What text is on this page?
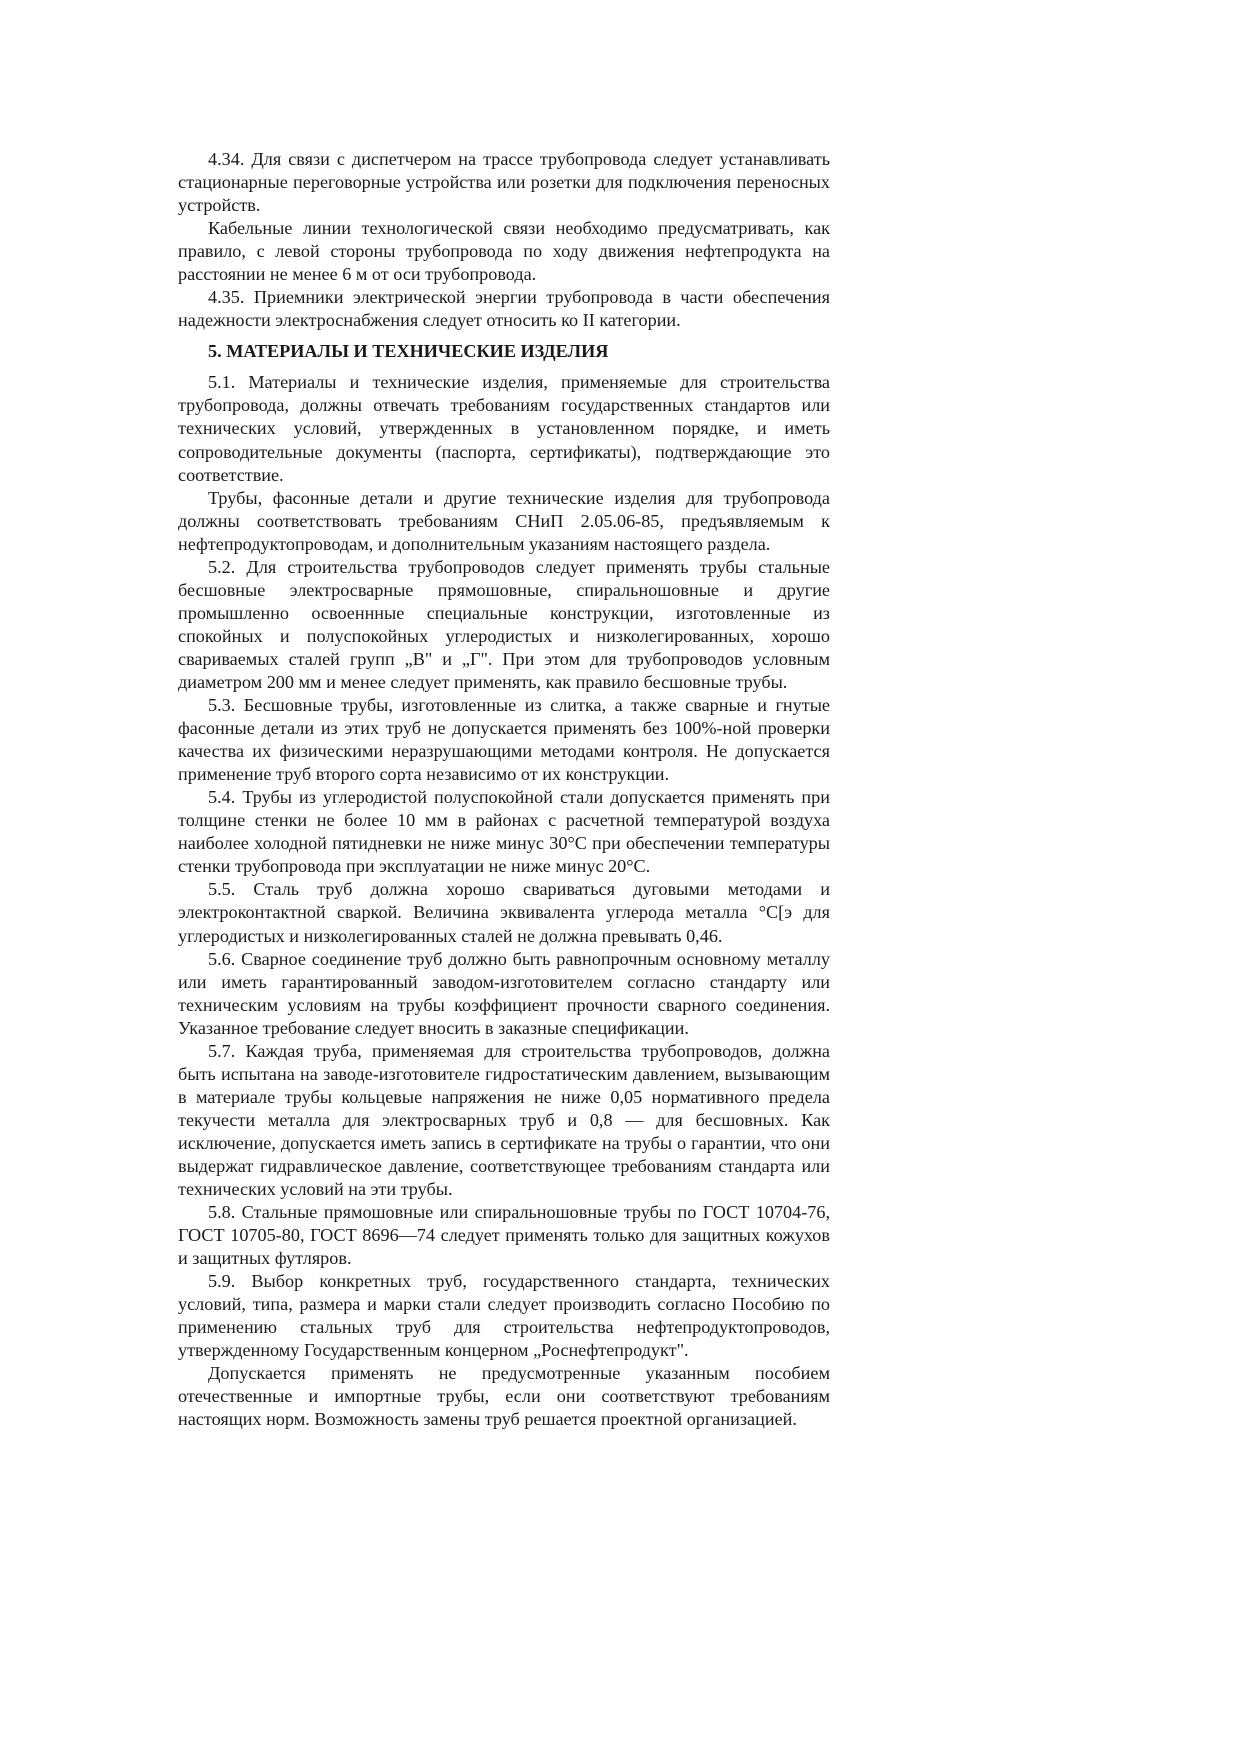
4.34. Для связи с диспетчером на трассе трубопровода следует устанавливать стационарные переговорные устройства или розетки для подключения переносных устройств.

Кабельные линии технологической связи необходимо предусматривать, как правило, с левой стороны трубопровода по ходу движения нефтепродукта на расстоянии не менее 6 м от оси трубопровода.

4.35. Приемники электрической энергии трубопровода в части обеспечения надежности электроснабжения следует относить ко II категории.

5. МАТЕРИАЛЫ И ТЕХНИЧЕСКИЕ ИЗДЕЛИЯ

5.1. Материалы и технические изделия, применяемые для строительства трубопровода, должны отвечать требованиям государственных стандартов или технических условий, утвержденных в установленном порядке, и иметь сопроводительные документы (паспорта, сертификаты), подтверждающие это соответствие.

Трубы, фасонные детали и другие технические изделия для трубопровода должны соответствовать требованиям СНиП 2.05.06-85, предъявляемым к нефтепродуктопроводам, и дополнительным указаниям настоящего раздела.

5.2. Для строительства трубопроводов следует применять трубы стальные бесшовные электросварные прямошовные, спиральношовные и другие промышленно освоеннные специальные конструкции, изготовленные из спокойных и полуспокойных углеродистых и низколегированных, хорошо свариваемых сталей групп „В" и „Г". При этом для трубопроводов условным диаметром 200 мм и менее следует применять, как правило бесшовные трубы.

5.3. Бесшовные трубы, изготовленные из слитка, а также сварные и гнутые фасонные детали из этих труб не допускается применять без 100%-ной проверки качества их физическими неразрушающими методами контроля. Не допускается применение труб второго сорта независимо от их конструкции.

5.4. Трубы из углеродистой полуспокойной стали допускается применять при толщине стенки не более 10 мм в районах с расчетной температурой воздуха наиболее холодной пятидневки не ниже минус 30°С при обеспечении температуры стенки трубопровода при эксплуатации не ниже минус 20°С.

5.5. Сталь труб должна хорошо свариваться дуговыми методами и электроконтактной сваркой. Величина эквивалента углерода металла °С[э для углеродистых и низколегированных сталей не должна превывать 0,46.

5.6. Сварное соединение труб должно быть равнопрочным основному металлу или иметь гарантированный заводом-изготовителем согласно стандарту или техническим условиям на трубы коэффициент прочности сварного соединения. Указанное требование следует вносить в заказные спецификации.

5.7. Каждая труба, применяемая для строительства трубопроводов, должна быть испытана на заводе-изготовителе гидростатическим давлением, вызывающим в материале трубы кольцевые напряжения не ниже 0,05 нормативного предела текучести металла для электросварных труб и 0,8 — для бесшовных. Как исключение, допускается иметь запись в сертификате на трубы о гарантии, что они выдержат гидравлическое давление, соответствующее требованиям стандарта или технических условий на эти трубы.

5.8. Стальные прямошовные или спиральношовные трубы по ГОСТ 10704-76, ГОСТ 10705-80, ГОСТ 8696—74 следует применять только для защитных кожухов и защитных футляров.

5.9. Выбор конкретных труб, государственного стандарта, технических условий, типа, размера и марки стали следует производить согласно Пособию по применению стальных труб для строительства нефтепродуктопроводов, утвержденному Государственным концерном „Роснефтепродукт".

Допускается применять не предусмотренные указанным пособием отечественные и импортные трубы, если они соответствуют требованиям настоящих норм. Возможность замены труб решается проектной организацией.
